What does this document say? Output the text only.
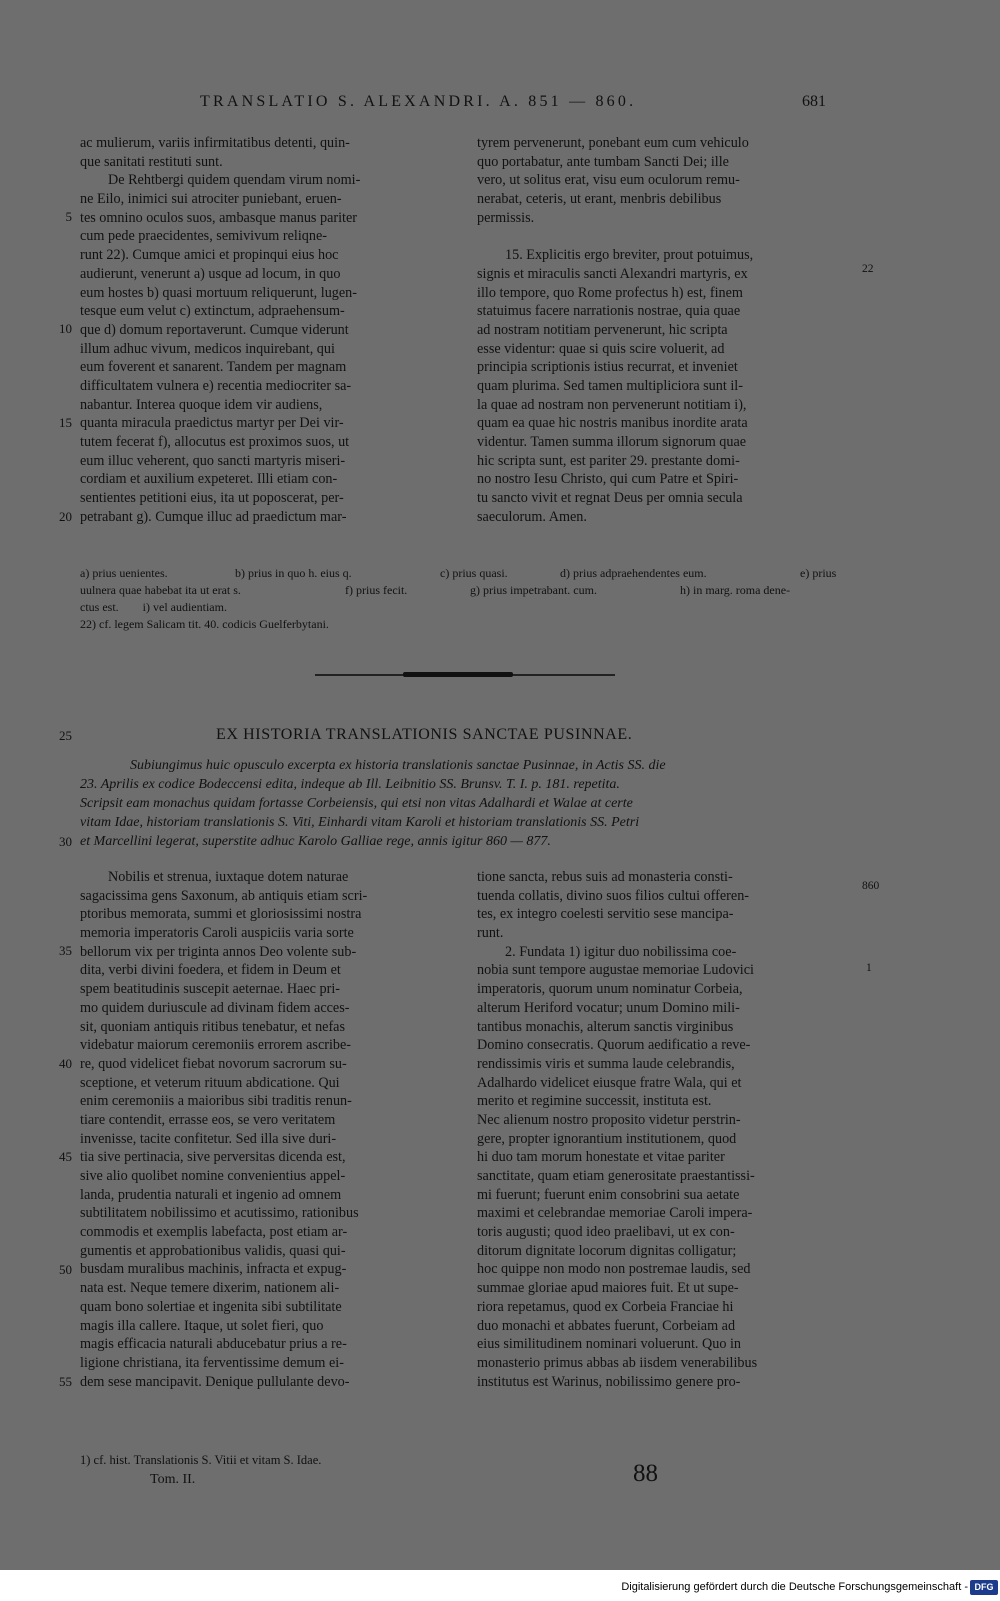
TRANSLATIO S. ALEXANDRI. A. 851 — 860.	681
ac mulierum, variis infirmitatibus detenti, quin-
que sanitati restituti sunt.
De Rehtbergi quidem quendam virum nomi-
ne Eilo, inimici sui atrociter puniebant, eruen-
tes omnino oculos suos, ambasque manus pariter
cum pede praecidentes, semivivum reliqne-
runt 22). Cumque amici et propinqui eius hoc
audierunt, venerunt a) usque ad locum, in quo
eum hostes b) quasi mortuum reliquerunt, lugen-
tesque eum velut c) extinctum, adpraehensum-
que d) domum reportaverunt. Cumque viderunt
illum adhuc vivum, medicos inquirebant, qui
eum foverent et sanarent. Tandem per magnam
difficultatem vulnera e) recentia mediocriter sa-
nabantur. Interea quoque idem vir audiens,
quanta miracula praedictus martyr per Dei vir-
tutem fecerat f), allocutus est proximos suos, ut
eum illuc veherent, quo sancti martyris miseri-
cordiam et auxilium expeteret. Illi etiam con-
sentientes petitioni eius, ita ut poposcerat, per-
petrabant g). Cumque illuc ad praedictum mar-
tyrem pervenerunt, ponebant eum cum vehiculo
quo portabatur, ante tumbam Sancti Dei; ille
vero, ut solitus erat, visu eum oculorum remu-
nerabat, ceteris, ut erant, menbris debilibus
permissis.
15. Explicitis ergo breviter, prout potuimus,
signis et miraculis sancti Alexandri martyris, ex
illo tempore, quo Rome profectus h) est, finem
statuimus facere narrationis nostrae, quia quae
ad nostram notitiam pervenerunt, hic scripta
esse videntur: quae si quis scire voluerit, ad
principia scriptionis istius recurrat, et inveniet
quam plurima. Sed tamen multipliciora sunt il-
la quae ad nostram non pervenerunt notitiam i),
quam ea quae hic nostris manibus inordite arata
videntur. Tamen summa illorum signorum quae
hic scripta sunt, est pariter 29. prestante domi-
no nostro Iesu Christo, qui cum Patre et Spiri-
tu sancto vivit et regnat Deus per omnia secula
saeculorum. Amen.
5
10
15
20
22
a) prius uenientes.	b) prius in quo h. eius q.	c) prius quasi.	d) prius adpraehendentes eum.	e) prius
uulnera quae habebat ita ut erat s.	f) prius fecit.	g) prius impetrabant. cum.	h) in marg. roma dene-
ctus est.        i) vel audientiam.
22) cf. legem Salicam tit. 40. codicis Guelferbytani.
25	EX HISTORIA TRANSLATIONIS SANCTAE PUSINNAE.
Subiungimus huic opusculo excerpta ex historia translationis sanctae Pusinnae, in Actis SS. die
23. Aprilis ex codice Bodeccensi edita, indeque ab Ill. Leibnitio SS. Brunsv. T. I. p. 181. repetita.
Scripsit eam monachus quidam fortasse Corbeiensis, qui etsi non vitas Adalhardi et Walae at certe
vitam Idae, historiam translationis S. Viti, Einhardi vitam Karoli et historiam translationis SS. Petri
et Marcellini legerat, superstite adhuc Karolo Galliae rege, annis igitur 860 — 877.
30
Nobilis et strenua, iuxtaque dotem naturae
sagacissima gens Saxonum, ab antiquis etiam scri-
ptoribus memorata, summi et gloriosissimi nostra
memoria imperatoris Caroli auspiciis varia sorte
bellorum vix per triginta annos Deo volente sub-
dita, verbi divini foedera, et fidem in Deum et
spem beatitudinis suscepit aeternae. Haec pri-
mo quidem duriuscule ad divinam fidem acces-
sit, quoniam antiquis ritibus tenebatur, et nefas
videbatur maiorum ceremoniis errorem ascribe-
re, quod videlicet fiebat novorum sacrorum su-
sceptione, et veterum rituum abdicatione. Qui
enim ceremoniis a maioribus sibi traditis renun-
tiare contendit, errasse eos, se vero veritatem
invenisse, tacite confitetur. Sed illa sive duri-
tia sive pertinacia, sive perversitas dicenda est,
sive alio quolibet nomine convenientius appel-
landa, prudentia naturali et ingenio ad omnem
subtilitatem nobilissimo et acutissimo, rationibus
commodis et exemplis labefacta, post etiam ar-
gumentis et approbationibus validis, quasi qui-
busdam muralibus machinis, infracta et expug-
nata est. Neque temere dixerim, nationem ali-
quam bono solertiae et ingenita sibi subtilitate
magis illa callere. Itaque, ut solet fieri, quo
magis efficacia naturali abducebatur prius a re-
ligione christiana, ita ferventissime demum ei-
dem sese mancipavit. Denique pullulante devo-
tione sancta, rebus suis ad monasteria consti-
tuenda collatis, divino suos filios cultui offeren-
tes, ex integro coelesti servitio sese mancipa-
runt.
2. Fundata 1) igitur duo nobilissima coe-
nobia sunt tempore augustae memoriae Ludovici
imperatoris, quorum unum nominatur Corbeia,
alterum Heriford vocatur; unum Domino mili-
tantibus monachis, alterum sanctis virginibus
Domino consecratis. Quorum aedificatio a reve-
rendissimis viris et summa laude celebrandis,
Adalhardo videlicet eiusque fratre Wala, qui et
merito et regimine successit, instituta est.
Nec alienum nostro proposito videtur perstrin-
gere, propter ignorantium institutionem, quod
hi duo tam morum honestate et vitae pariter
sanctitate, quam etiam generositate praestantissi-
mi fuerunt; fuerunt enim consobrini sua aetate
maximi et celebrandae memoriae Caroli impera-
toris augusti; quod ideo praelibavi, ut ex con-
ditorum dignitate locorum dignitas colligatur;
hoc quippe non modo non postremae laudis, sed
summae gloriae apud maiores fuit. Et ut supe-
riora repetamus, quod ex Corbeia Franciae hi
duo monachi et abbates fuerunt, Corbeiam ad
eius similitudinem nominari voluerunt. Quo in
monasterio primus abbas ab iisdem venerabilibus
institutus est Warinus, nobilissimo genere pro-
35
40
45
50
55
860
1
1) cf. hist. Translationis S. Vitii et vitam S. Idae.
Tom. II.	88
Digitalisierung gefördert durch die Deutsche Forschungsgemeinschaft - DFG
